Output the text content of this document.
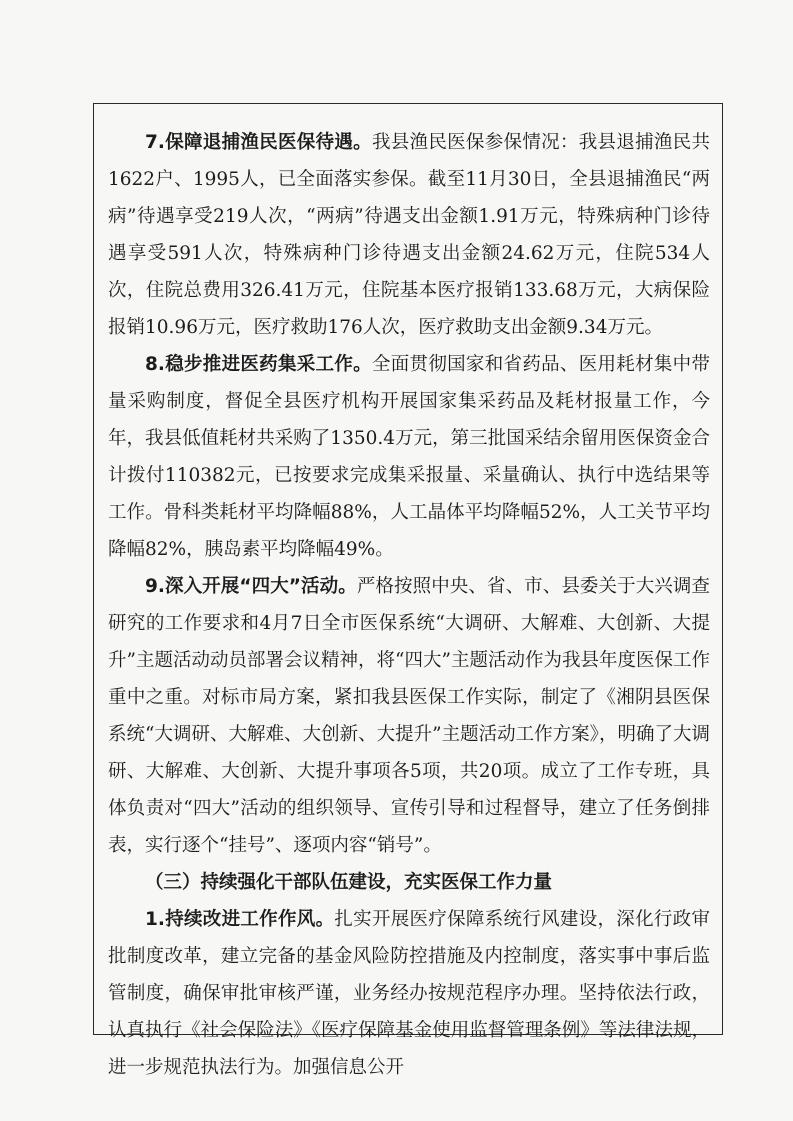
7.保障退捕渔民医保待遇。我县渔民医保参保情况：我县退捕渔民共1622户、1995人，已全面落实参保。截至11月30日，全县退捕渔民“两病”待遇享受219人次，“两病”待遇支出金额1.91万元，特殊病种门诊待遇享受591人次，特殊病种门诊待遇支出金额24.62万元，住院534人次，住院总费用326.41万元，住院基本医疗报销133.68万元，大病保险报销10.96万元，医疗救助176人次，医疗救助支出金额9.34万元。

8.稳步推进医药集采工作。全面贯彻国家和省药品、医用耗材集中带量采购制度，督促全县医疗机构开展国家集采药品及耗材报量工作，今年，我县低值耗材共采购了1350.4万元，第三批国采结余留用医保资金合计拨付110382元，已按要求完成集采报量、采量确认、执行中选结果等工作。骨科类耗材平均降幅88%，人工晶体平均降幅52%，人工关节平均降幅82%，胰岛素平均降幅49%。

9.深入开展“四大”活动。严格按照中央、省、市、县委关于大兴调查研究的工作要求和4月7日全市医保系统“大调研、大解难、大创新、大提升”主题活动动员部署会议精神，将“四大”主题活动作为我县年度医保工作重中之重。对标市局方案，紧扣我县医保工作实际，制定了《湘阴县医保系统“大调研、大解难、大创新、大提升”主题活动工作方案》，明确了大调研、大解难、大创新、大提升事项各5项，共20项。成立了工作专班，具体负责对“四大”活动的组织领导、宣传引导和过程督导，建立了任务倒排表，实行逐个“挂号”、逐项内容“销号”。

（三）持续强化干部队伍建设，充实医保工作力量

1.持续改进工作作风。扎实开展医疗保障系统行风建设，深化行政审批制度改革，建立完备的基金风险防控措施及内控制度，落实事中事后监管制度，确保审批审核严谨，业务经办按规范程序办理。坚持依法行政，认真执行《社会保险法》《医疗保障基金使用监督管理条例》等法律法规，进一步规范执法行为。加强信息公开
